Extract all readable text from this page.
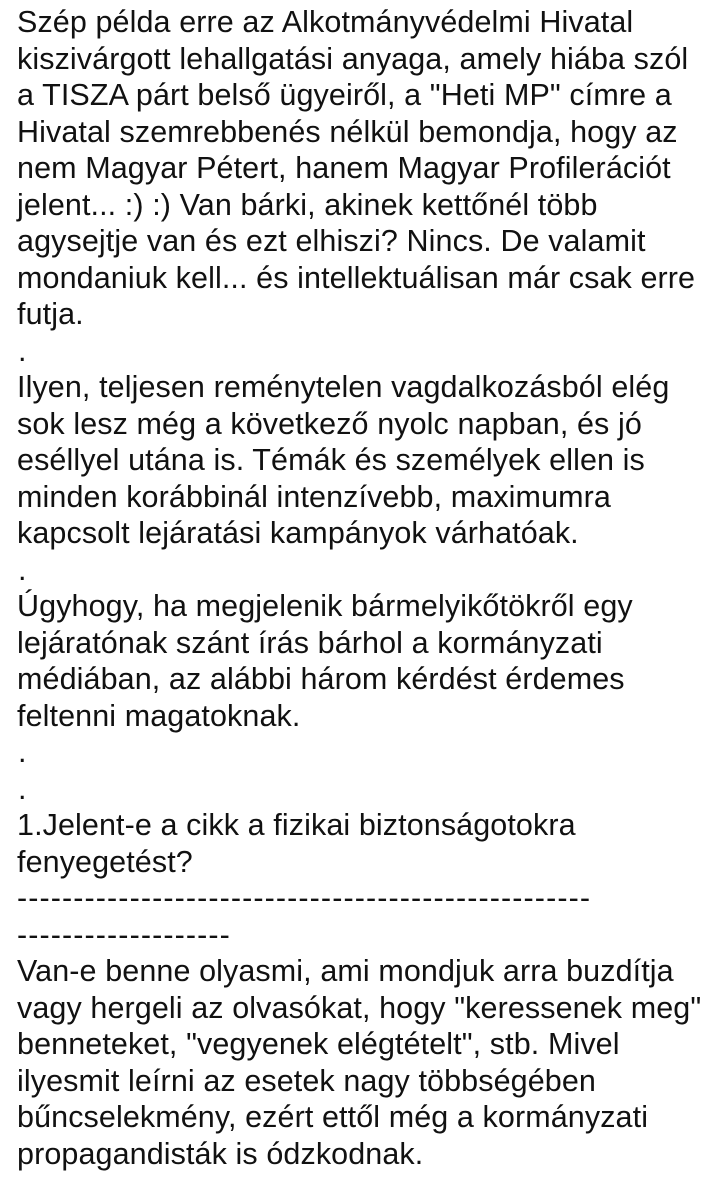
Szép példa erre az Alkotmányvédelmi Hivatal
kiszivárgott lehallgatási anyaga, amely hiába szól
a TISZA párt belső ügyeiről, a "Heti MP" címre a
Hivatal szemrebbenés nélkül bemondja, hogy az
nem Magyar Pétert, hanem Magyar Profilerációt
jelent... :) :) Van bárki, akinek kettőnél több
agysejtje van és ezt elhiszi? Nincs. De valamit
mondaniuk kell... és intellektuálisan már csak erre
futja.
.
Ilyen, teljesen reménytelen vagdalkozásból elég
sok lesz még a következő nyolc napban, és jó
eséllyel utána is. Témák és személyek ellen is
minden korábbinál intenzívebb, maximumra
kapcsolt lejáratási kampányok várhatóak.
.
Úgyhogy, ha megjelenik bármelyikőtökről egy
lejáratónak szánt írás bárhol a kormányzati
médiában, az alábbi három kérdést érdemes
feltenni magatoknak.
.
.
1.Jelent-e a cikk a fizikai biztonságotokra
fenyegetést?
---------------------------------------------------
-------------------
Van-e benne olyasmi, ami mondjuk arra buzdítja
vagy hergeli az olvasókat, hogy "keressenek meg"
benneteket, "vegyenek elégtételt", stb. Mivel
ilyesmit leírni az esetek nagy többségében
bűncselekmény, ezért ettől még a kormányzati
propagandisták is ódzkodnak.
